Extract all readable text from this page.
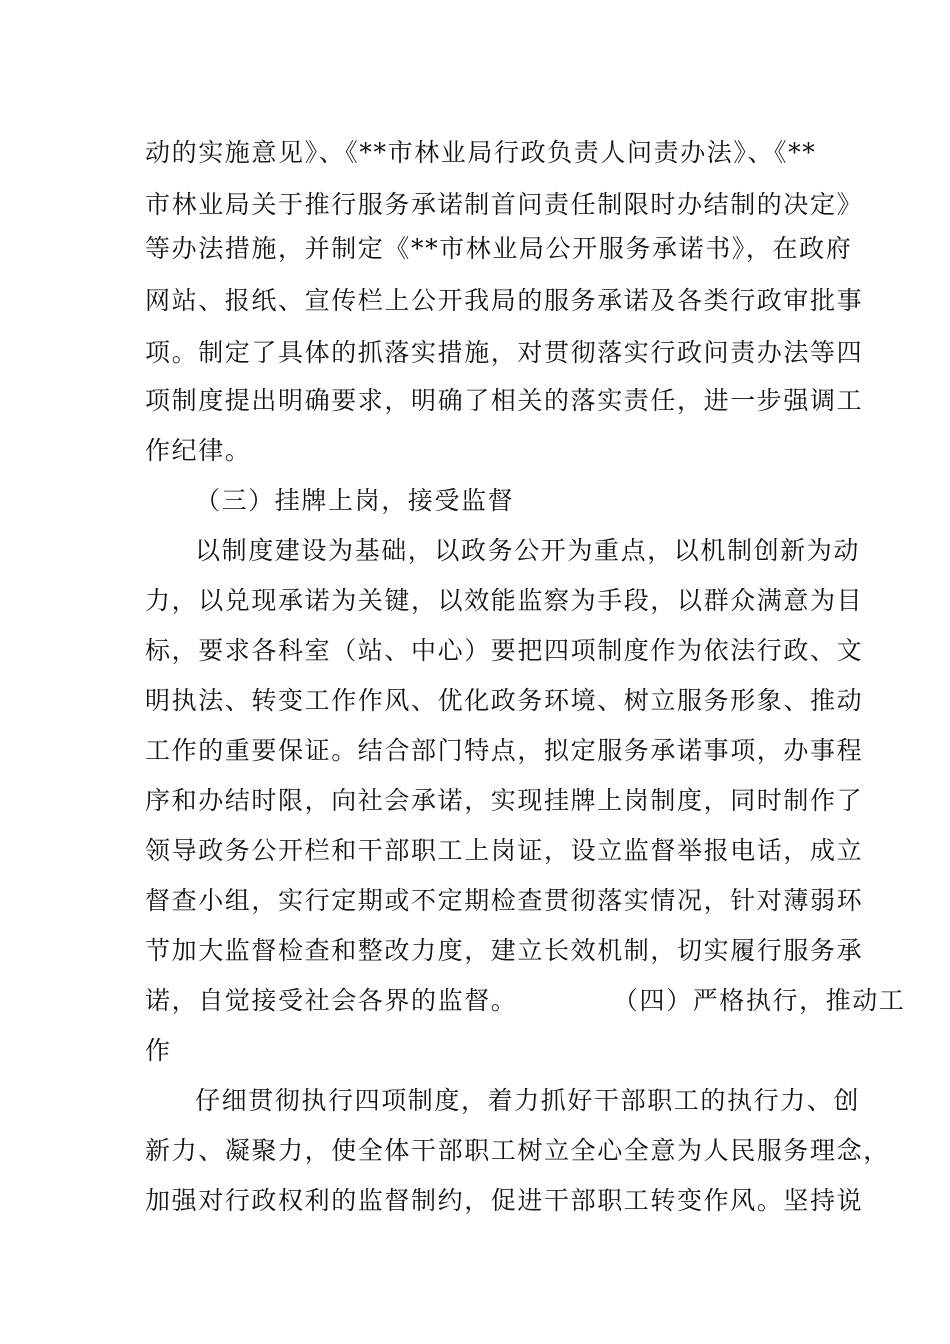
动的实施意见》、《**市林业局行政负责人问责办法》、《**
市林业局关于推行服务承诺制首问责任制限时办结制的决定》
等办法措施，并制定《**市林业局公开服务承诺书》，在政府
网站、报纸、宣传栏上公开我局的服务承诺及各类行政审批事
项。制定了具体的抓落实措施，对贯彻落实行政问责办法等四
项制度提出明确要求，明确了相关的落实责任，进一步强调工
作纪律。
（三）挂牌上岗，接受监督
以制度建设为基础，以政务公开为重点，以机制创新为动
力，以兑现承诺为关键，以效能监察为手段，以群众满意为目
标，要求各科室（站、中心）要把四项制度作为依法行政、文
明执法、转变工作作风、优化政务环境、树立服务形象、推动
工作的重要保证。结合部门特点，拟定服务承诺事项，办事程
序和办结时限，向社会承诺，实现挂牌上岗制度，同时制作了
领导政务公开栏和干部职工上岗证，设立监督举报电话，成立
督查小组，实行定期或不定期检查贯彻落实情况，针对薄弱环
节加大监督检查和整改力度，建立长效机制，切实履行服务承
诺，自觉接受社会各界的监督。          （四）严格执行，推动工
作
仔细贯彻执行四项制度，着力抓好干部职工的执行力、创
新力、凝聚力，使全体干部职工树立全心全意为人民服务理念，
加强对行政权利的监督制约，促进干部职工转变作风。坚持说
